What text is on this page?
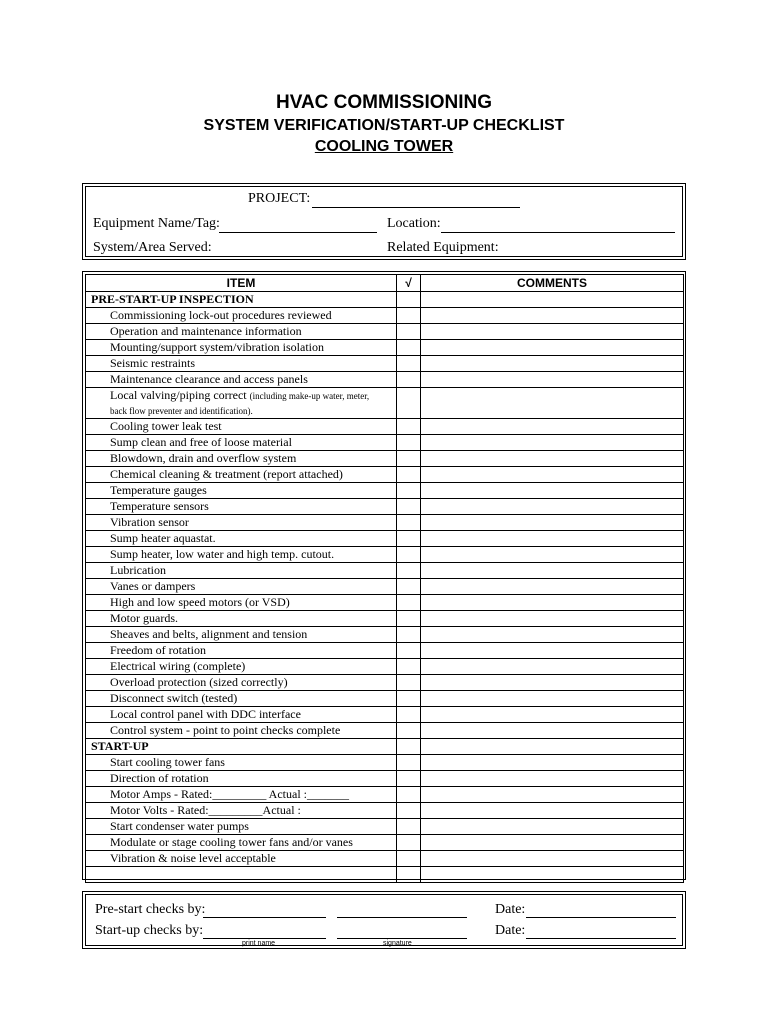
HVAC COMMISSIONING
SYSTEM VERIFICATION/START-UP CHECKLIST
COOLING TOWER
PROJECT:
Equipment Name/Tag:	Location:
System/Area Served:	Related Equipment:
ITEM	√	COMMENTS
PRE-START-UP INSPECTION		
Commissioning lock-out procedures reviewed		
Operation and maintenance information		
Mounting/support system/vibration isolation		
Seismic restraints		
Maintenance clearance and access panels		
Local valving/piping correct (including make-up water, meter,
back flow preventer and identification).		
Cooling tower leak test		
Sump clean and free of loose material		
Blowdown, drain and overflow system		
Chemical cleaning & treatment (report attached)		
Temperature gauges		
Temperature sensors		
Vibration sensor		
Sump heater aquastat.		
Sump heater, low water and high temp. cutout.		
Lubrication		
Vanes or dampers		
High and low speed motors (or VSD)		
Motor guards.		
Sheaves and belts, alignment and tension		
Freedom of rotation		
Electrical wiring (complete)		
Overload protection (sized correctly)		
Disconnect switch (tested)		
Local control panel with DDC interface		
Control system - point to point checks complete		
START-UP		
Start cooling tower fans		
Direction of rotation		
Motor Amps - Rated:_________ Actual :_______		
Motor Volts - Rated:_________Actual :		
Start condenser water pumps		
Modulate or stage cooling tower fans and/or vanes		
Vibration & noise level acceptable		

Pre-start checks by:	Date:
Start-up checks by:	Date:
print name	signature
